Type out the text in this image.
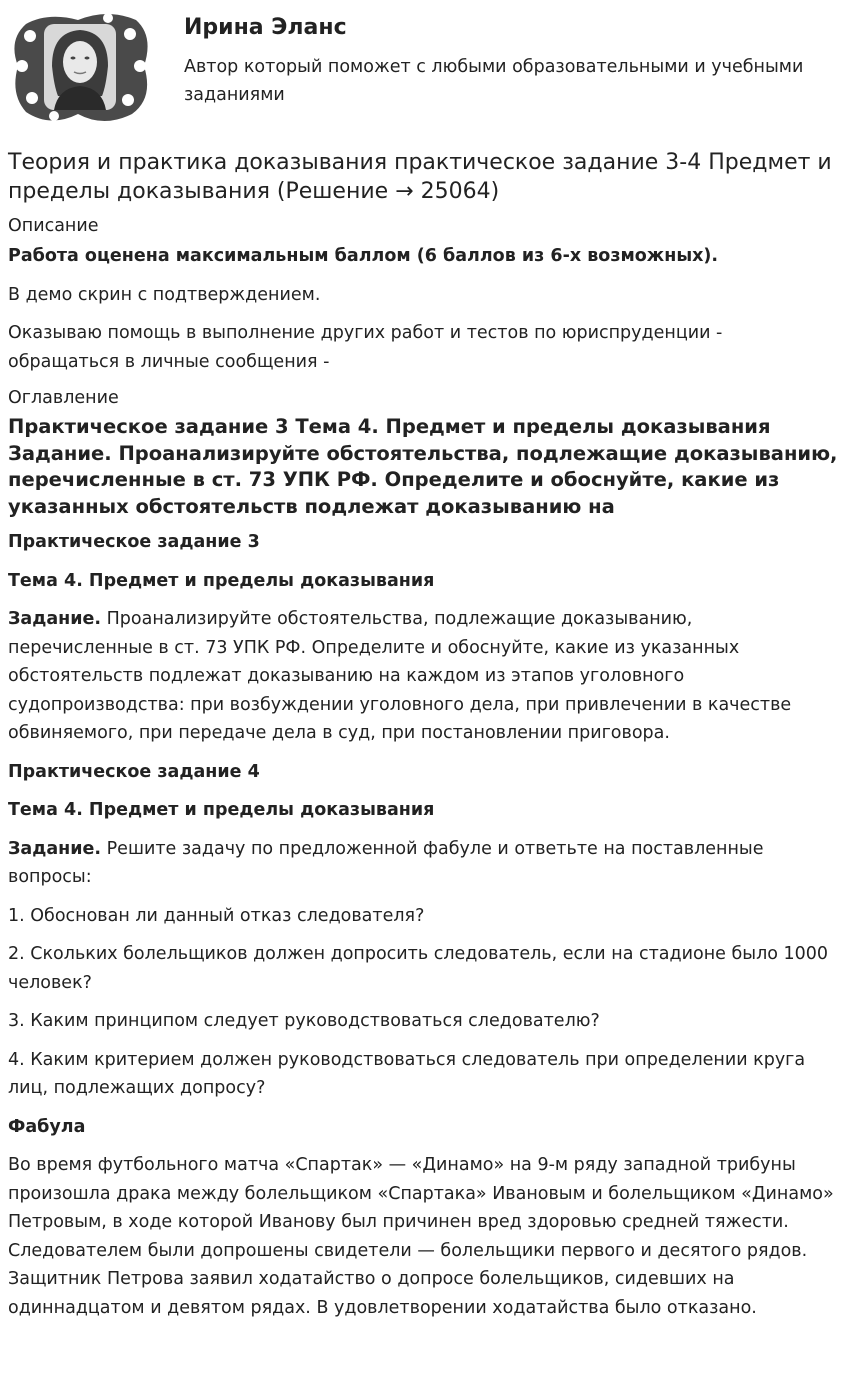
Ирина Эланс
Автор который поможет с любыми образовательными и учебными заданиями
Теория и практика доказывания практическое задание 3-4 Предмет и пределы доказывания (Решение → 25064)
Описание

Работа оценена максимальным баллом (6 баллов из 6-х возможных).

В демо скрин с подтверждением.

Оказываю помощь в выполнение других работ и тестов по юриспруденции - обращаться в личные сообщения -

Оглавление
Практическое задание 3 Тема 4. Предмет и пределы доказывания Задание. Проанализируйте обстоятельства, подлежащие доказыванию, перечисленные в ст. 73 УПК РФ. Определите и обоснуйте, какие из указанных обстоятельств подлежат доказыванию на

Практическое задание 3

Тема 4. Предмет и пределы доказывания

Задание. Проанализируйте обстоятельства, подлежащие доказыванию, перечисленные в ст. 73 УПК РФ. Определите и обоснуйте, какие из указанных обстоятельств подлежат доказыванию на каждом из этапов уголовного судопроизводства: при возбуждении уголовного дела, при привлечении в качестве обвиняемого, при передаче дела в суд, при постановлении приговора.

Практическое задание 4

Тема 4. Предмет и пределы доказывания

Задание. Решите задачу по предложенной фабуле и ответьте на поставленные вопросы:

1. Обоснован ли данный отказ следователя?
2. Скольких болельщиков должен допросить следователь, если на стадионе было 1000 человек?
3. Каким принципом следует руководствоваться следователю?
4. Каким критерием должен руководствоваться следователь при определении круга лиц, подлежащих допросу?

Фабула

Во время футбольного матча «Спартак» — «Динамо» на 9-м ряду западной трибуны произошла драка между болельщиком «Спартака» Ивановым и болельщиком «Динамо» Петровым, в ходе которой Иванову был причинен вред здоровью средней тяжести. Следователем были допрошены свидетели — болельщики первого и десятого рядов. Защитник Петрова заявил ходатайство о допросе болельщиков, сидевших на одиннадцатом и девятом рядах. В удовлетворении ходатайства было отказано.
